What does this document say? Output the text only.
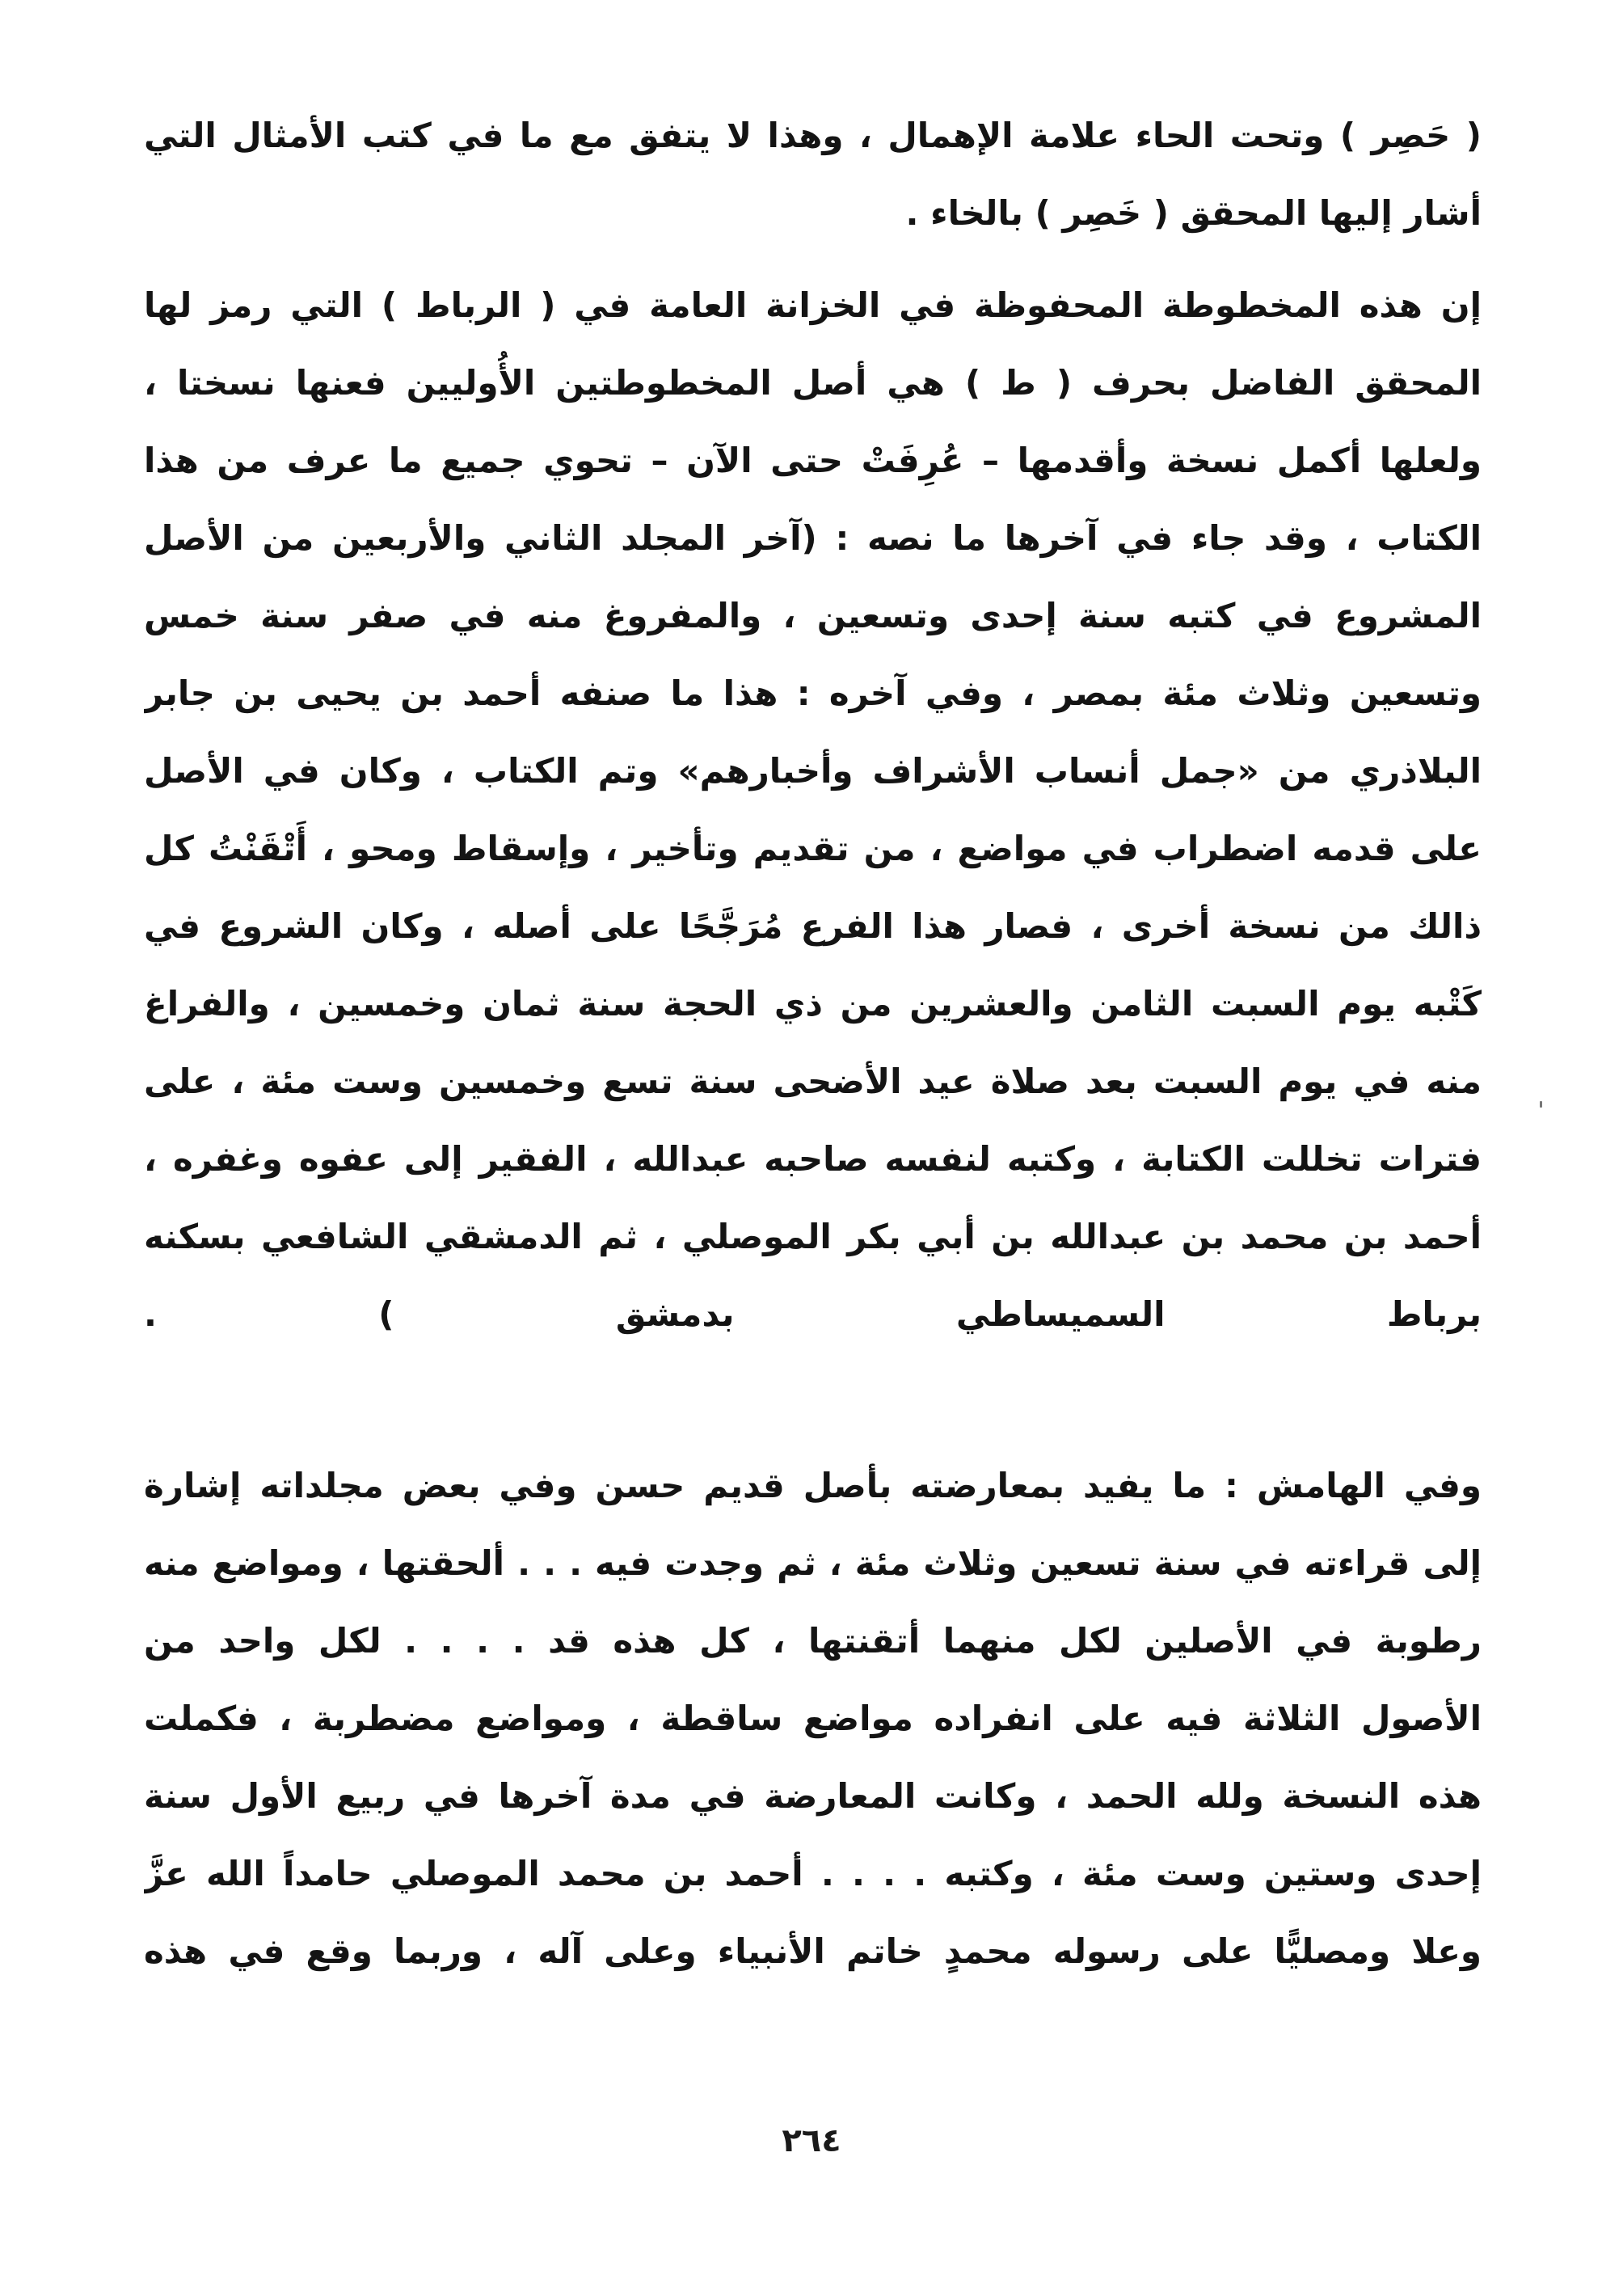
( حَصِر ) وتحت الحاء علامة الإهمال ، وهذا لا يتفق مع ما في كتب الأمثال التي
أشار إليها المحقق ( خَصِر ) بالخاء .
إن هذه المخطوطة المحفوظة في الخزانة العامة في ( الرباط ) التي رمز لها
المحقق الفاضل بحرف ( ط ) هي أصل المخطوطتين الأُوليين فعنها نسختا ،
ولعلها أكمل نسخة وأقدمها – عُرِفَتْ حتى الآن – تحوي جميع ما عرف من هذا
الكتاب ، وقد جاء في آخرها ما نصه : (آخر المجلد الثاني والأربعين من الأصل
المشروع في كتبه سنة إحدى وتسعين ، والمفروغ منه في صفر سنة خمس
وتسعين وثلاث مئة بمصر ، وفي آخره : هذا ما صنفه أحمد بن يحيى بن جابر
البلاذري من «جمل أنساب الأشراف وأخبارهم» وتم الكتاب ، وكان في الأصل
على قدمه اضطراب في مواضع ، من تقديم وتأخير ، وإسقاط ومحو ، أَتْقَنْتُ كل
ذالك من نسخة أخرى ، فصار هذا الفرع مُرَجَّحًا على أصله ، وكان الشروع في
كَتْبه يوم السبت الثامن والعشرين من ذي الحجة سنة ثمان وخمسين ، والفراغ
منه في يوم السبت بعد صلاة عيد الأضحى سنة تسع وخمسين وست مئة ، على
فترات تخللت الكتابة ، وكتبه لنفسه صاحبه عبدالله ، الفقير إلى عفوه وغفره ،
أحمد بن محمد بن عبدالله بن أبي بكر الموصلي ، ثم الدمشقي الشافعي بسكنه
برباط السميساطي بدمشق ) .
وفي الهامش : ما يفيد بمعارضته بأصل قديم حسن وفي بعض مجلداته إشارة
إلى قراءته في سنة تسعين وثلاث مئة ، ثم وجدت فيه . . . ألحقتها ، ومواضع منه
رطوبة في الأصلين لكل منهما أتقنتها ، كل هذه قد . . . . لكل واحد من
الأصول الثلاثة فيه على انفراده مواضع ساقطة ، ومواضع مضطربة ، فكملت
هذه النسخة ولله الحمد ، وكانت المعارضة في مدة آخرها في ربيع الأول سنة
إحدى وستين وست مئة ، وكتبه . . . . أحمد بن محمد الموصلي حامداً الله عزَّ
وعلا ومصليًّا على رسوله محمدٍ خاتم الأنبياء وعلى آله ، وربما وقع في هذه
٢٦٤
